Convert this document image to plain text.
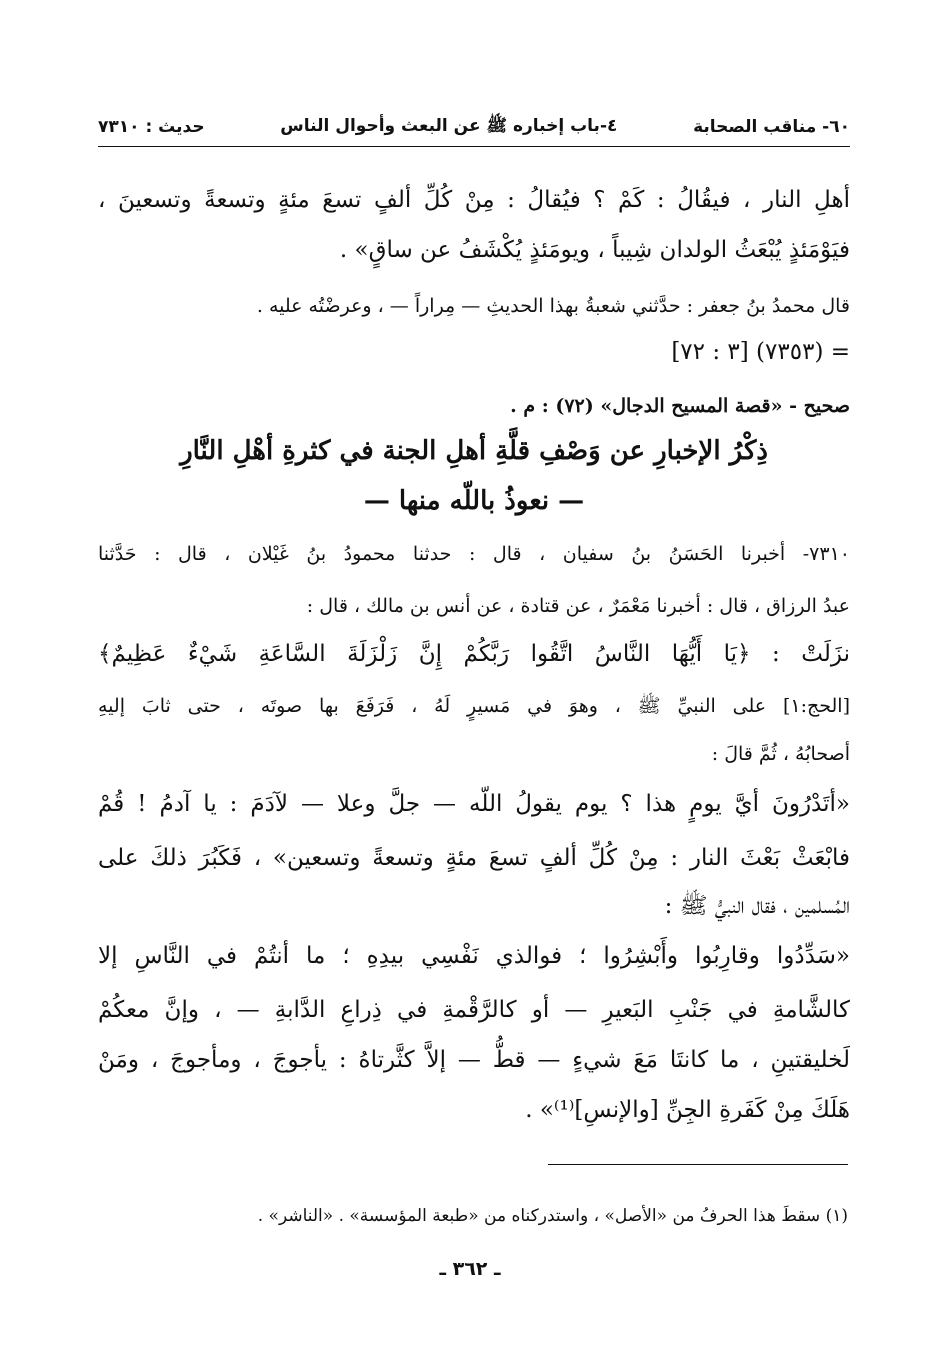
٦٠- مناقب الصحابة
٤-باب إخباره ﷺ عن البعث وأحوال الناس
حديث : ٧٣١٠
أهلِ النار ، فيقُالُ : كَمْ ؟ فيُقالُ : مِنْ كُلِّ ألفٍ تسعَ مئةٍ وتسعةً وتسعينَ ،
فيَوْمَئذٍ يُبْعَثُ الولدان شِيباً ، ويومَئذٍ يُكْشَفُ عن ساقٍ» .
قال محمدُ بنُ جعفر : حدَّثني شعبةُ بهذا الحديثِ — مِراراً — ، وعرضْتُه عليه .
= (٧٣٥٣) [٣ : ٧٢]
صحيح - «قصة المسيح الدجال» (٧٢) : م .
ذِكْرُ الإخبارِ عن وَصْفِ قلَّةِ أهلِ الجنة في كثرةِ أهْلِ النَّارِ
— نعوذُ باللّه منها —
٧٣١٠- أخبرنا الحَسَنُ بنُ سفيان ، قال : حدثنا محمودُ بنُ غَيْلان ، قال : حَدَّثنا
عبدُ الرزاق ، قال : أخبرنا مَعْمَرٌ ، عن قتادة ، عن أنس بن مالك ، قال :
نزَلَتْ : ﴿يَا أَيُّهَا النَّاسُ اتَّقُوا رَبَّكُمْ إِنَّ زَلْزَلَةَ السَّاعَةِ شَيْءٌ عَظِيمٌ﴾
[الحج:١] على النبيِّ ﷺ ، وهوَ في مَسيرٍ لَهُ ، فَرَفَعَ بها صوتَه ، حتى ثابَ إليهِ
أصحابُهُ ، ثُمَّ قالَ :
«أتَدْرُونَ أيَّ يومٍ هذا ؟ يوم يقولُ اللّه — جلَّ وعلا — لآدَمَ : يا آدمُ ! قُمْ
فابْعَثْ بَعْثَ النار : مِنْ كُلِّ ألفٍ تسعَ مئةٍ وتسعةً وتسعين» ، فَكَبُرَ ذلكَ على
المُسلمين ، فقال النبيُّ ﷺ :
«سَدِّدُوا وقارِبُوا وأَبْشِرُوا ؛ فوالذي نَفْسِي بيدِهِ ؛ ما أنتُمْ في النَّاسِ إلا
كالشَّامةِ في جَنْبِ البَعيرِ — أو كالرَّقْمةِ في ذِراعِ الدَّابةِ — ، وإنَّ معكُمْ
لَخليقتينِ ، ما كانتَا مَعَ شيءٍ — قطُّ — إلاَّ كثَّرتاهُ : يأجوجَ ، ومأجوجَ ، ومَنْ
هَلَكَ مِنْ كَفَرةِ الجِنِّ [والإنسِ]⁽¹⁾» .
(١) سقطَ هذا الحرفُ من «الأصل» ، واستدركناه من «طبعة المؤسسة» . «الناشر» .
ـ ٣٦٢ ـ
